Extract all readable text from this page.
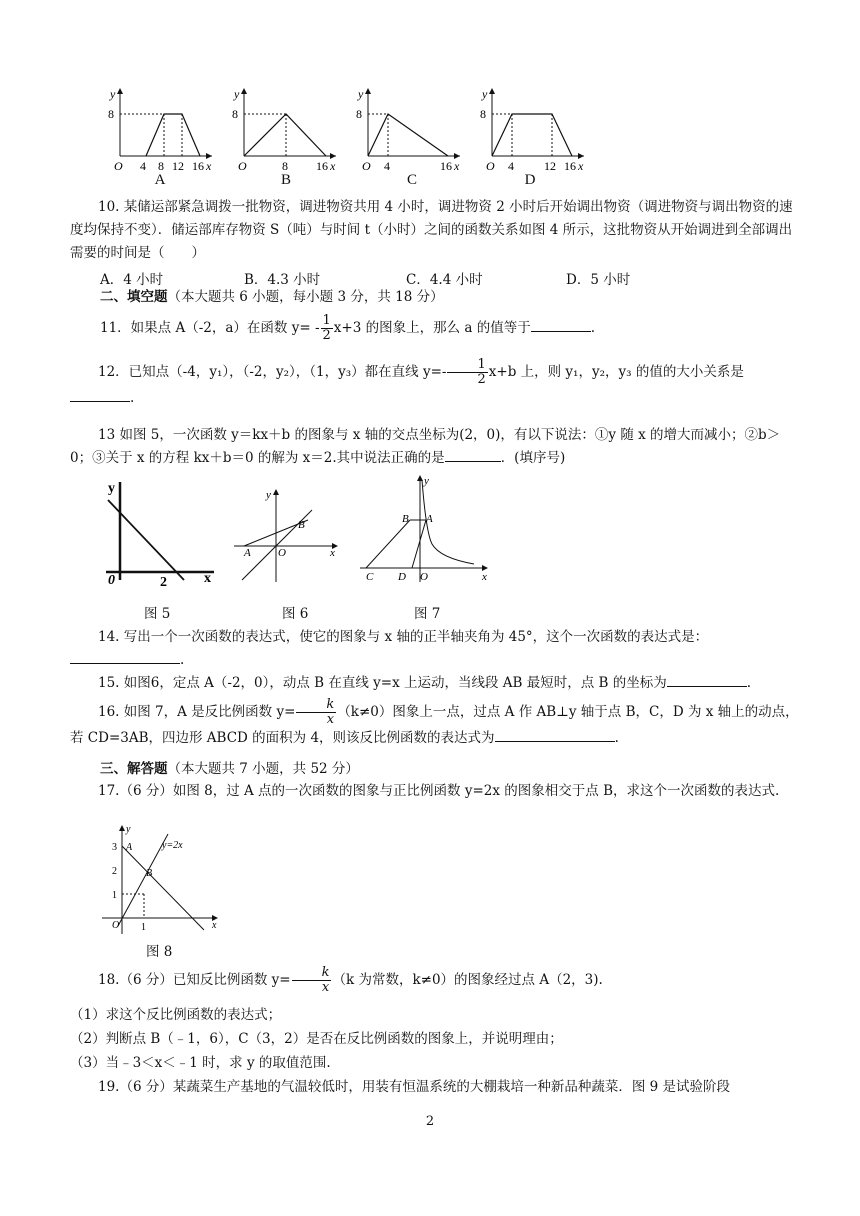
y
8
O 4 8 12 16 x
A
y
8
O	8 16 x
B
y
8
O 4	16 x
C
y
8
O 4	12 16 x
D
10. 某储运部紧急调拨一批物资，调进物资共用 4 小时，调进物资 2 小时后开始调出物资（调进物资与调出物资的速度均保持不变）．储运部库存物资 S（吨）与时间 t（小时）之间的函数关系如图 4 所示，这批物资从开始调进到全部调出需要的时间是（　　）
A．4 小时	B．4.3 小时	C．4.4 小时	D．5 小时
二、填空题（本大题共 6 小题，每小题 3 分，共 18 分）
11．如果点 A（-2，a）在函数 $y= - \frac{1}{2} x+3$ 的图象上，那么 a 的值等于	.
12．已知点（-4，y₁），（-2，y₂），（1，y₃）都在直线 $y=- \frac{1}{2} x+b$ 上，则 y₁，y₂，y₃ 的值的大小关系是
.
13 如图 5，一次函数 y＝kx＋b 的图象与 x 轴的交点坐标为(2，0)，有以下说法：①y 随 x 的增大而减小；②b＞0；③关于 x 的方程 kx＋b＝0 的解为 x＝2.其中说法正确的是	．(填序号)
y
0	2	x
图 5
y
B
A O	x
图 6
y
B A
C D O	x
图 7
14. 写出一个一次函数的表达式，使它的图象与 x 轴的正半轴夹角为 45°，这个一次函数的表达式是：.
15. 如图6，定点 A（-2，0），动点 B 在直线 y=x 上运动，当线段 AB 最短时，点 B 的坐标为	.
16. 如图 7，A 是反比例函数 $y= \frac{k}{x} (k\ne 0)$图象上一点，过点 A 作 AB⊥y 轴于点 B，C，D 为 x 轴上的动点，若 CD=3AB，四边形 ABCD 的面积为 4，则该反比例函数的表达式为	.
三、解答题（本大题共 7 小题，共 52 分）
17.（6 分）如图 8，过 A 点的一次函数的图象与正比例函数 y=2x 的图象相交于点 B，求这个一次函数的表达式.
y
3 A	y=2x
2	B
1
O 1	x
图 8
18.（6 分）已知反比例函数 $y= \frac{k}{x} (k$ 为常数，k≠0）的图象经过点 A（2，3).
（1）求这个反比例函数的表达式；
（2）判断点 B（﹣1，6），C（3，2）是否在反比例函数的图象上，并说明理由；
（3）当﹣3＜x＜﹣1 时，求 y 的取值范围.
19.（6 分）某蔬菜生产基地的气温较低时，用装有恒温系统的大棚栽培一种新品种蔬菜．图 9 是试验阶段
2
